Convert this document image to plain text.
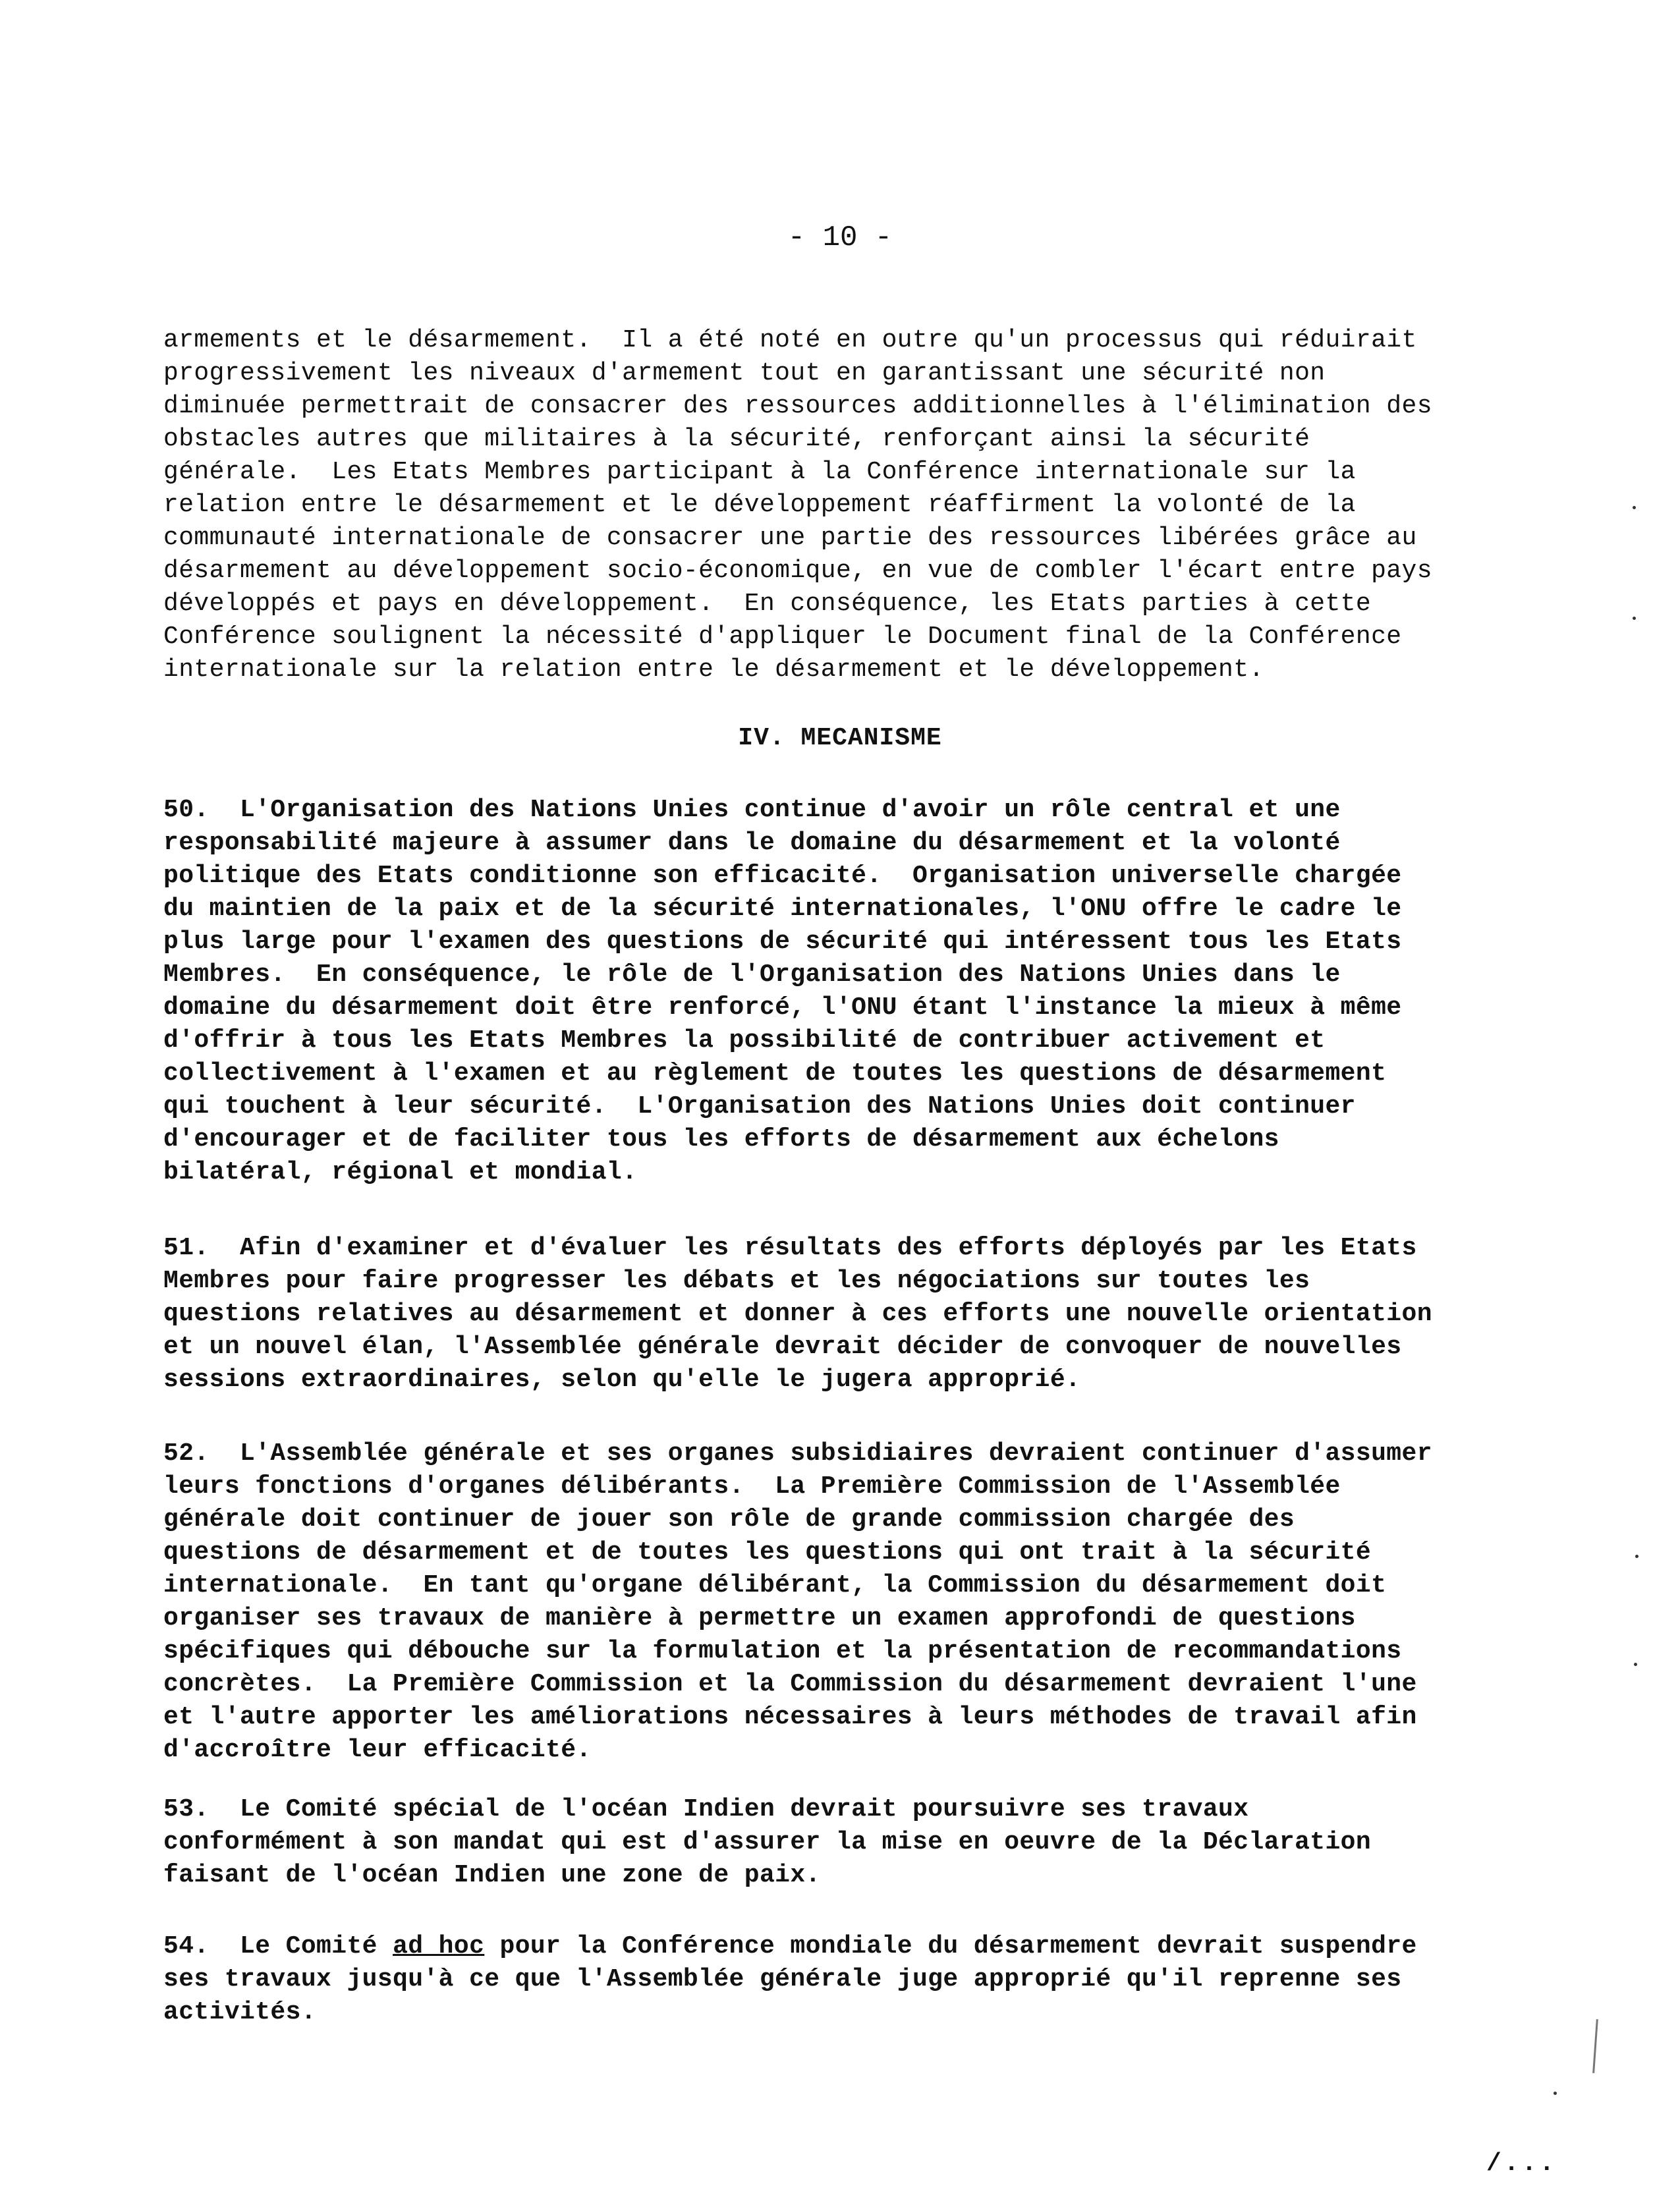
- 10 -
armements et le désarmement.  Il a été noté en outre qu'un processus qui réduirait
progressivement les niveaux d'armement tout en garantissant une sécurité non
diminuée permettrait de consacrer des ressources additionnelles à l'élimination des
obstacles autres que militaires à la sécurité, renforçant ainsi la sécurité
générale.  Les Etats Membres participant à la Conférence internationale sur la
relation entre le désarmement et le développement réaffirment la volonté de la
communauté internationale de consacrer une partie des ressources libérées grâce au
désarmement au développement socio-économique, en vue de combler l'écart entre pays
développés et pays en développement.  En conséquence, les Etats parties à cette
Conférence soulignent la nécessité d'appliquer le Document final de la Conférence
internationale sur la relation entre le désarmement et le développement.
IV. MECANISME
50.  L'Organisation des Nations Unies continue d'avoir un rôle central et une
responsabilité majeure à assumer dans le domaine du désarmement et la volonté
politique des Etats conditionne son efficacité.  Organisation universelle chargée
du maintien de la paix et de la sécurité internationales, l'ONU offre le cadre le
plus large pour l'examen des questions de sécurité qui intéressent tous les Etats
Membres.  En conséquence, le rôle de l'Organisation des Nations Unies dans le
domaine du désarmement doit être renforcé, l'ONU étant l'instance la mieux à même
d'offrir à tous les Etats Membres la possibilité de contribuer activement et
collectivement à l'examen et au règlement de toutes les questions de désarmement
qui touchent à leur sécurité.  L'Organisation des Nations Unies doit continuer
d'encourager et de faciliter tous les efforts de désarmement aux échelons
bilatéral, régional et mondial.
51.  Afin d'examiner et d'évaluer les résultats des efforts déployés par les Etats
Membres pour faire progresser les débats et les négociations sur toutes les
questions relatives au désarmement et donner à ces efforts une nouvelle orientation
et un nouvel élan, l'Assemblée générale devrait décider de convoquer de nouvelles
sessions extraordinaires, selon qu'elle le jugera approprié.
52.  L'Assemblée générale et ses organes subsidiaires devraient continuer d'assumer
leurs fonctions d'organes délibérants.  La Première Commission de l'Assemblée
générale doit continuer de jouer son rôle de grande commission chargée des
questions de désarmement et de toutes les questions qui ont trait à la sécurité
internationale.  En tant qu'organe délibérant, la Commission du désarmement doit
organiser ses travaux de manière à permettre un examen approfondi de questions
spécifiques qui débouche sur la formulation et la présentation de recommandations
concrètes.  La Première Commission et la Commission du désarmement devraient l'une
et l'autre apporter les améliorations nécessaires à leurs méthodes de travail afin
d'accroître leur efficacité.
53.  Le Comité spécial de l'océan Indien devrait poursuivre ses travaux
conformément à son mandat qui est d'assurer la mise en oeuvre de la Déclaration
faisant de l'océan Indien une zone de paix.
54.  Le Comité ad hoc pour la Conférence mondiale du désarmement devrait suspendre
ses travaux jusqu'à ce que l'Assemblée générale juge approprié qu'il reprenne ses
activités.
/...
